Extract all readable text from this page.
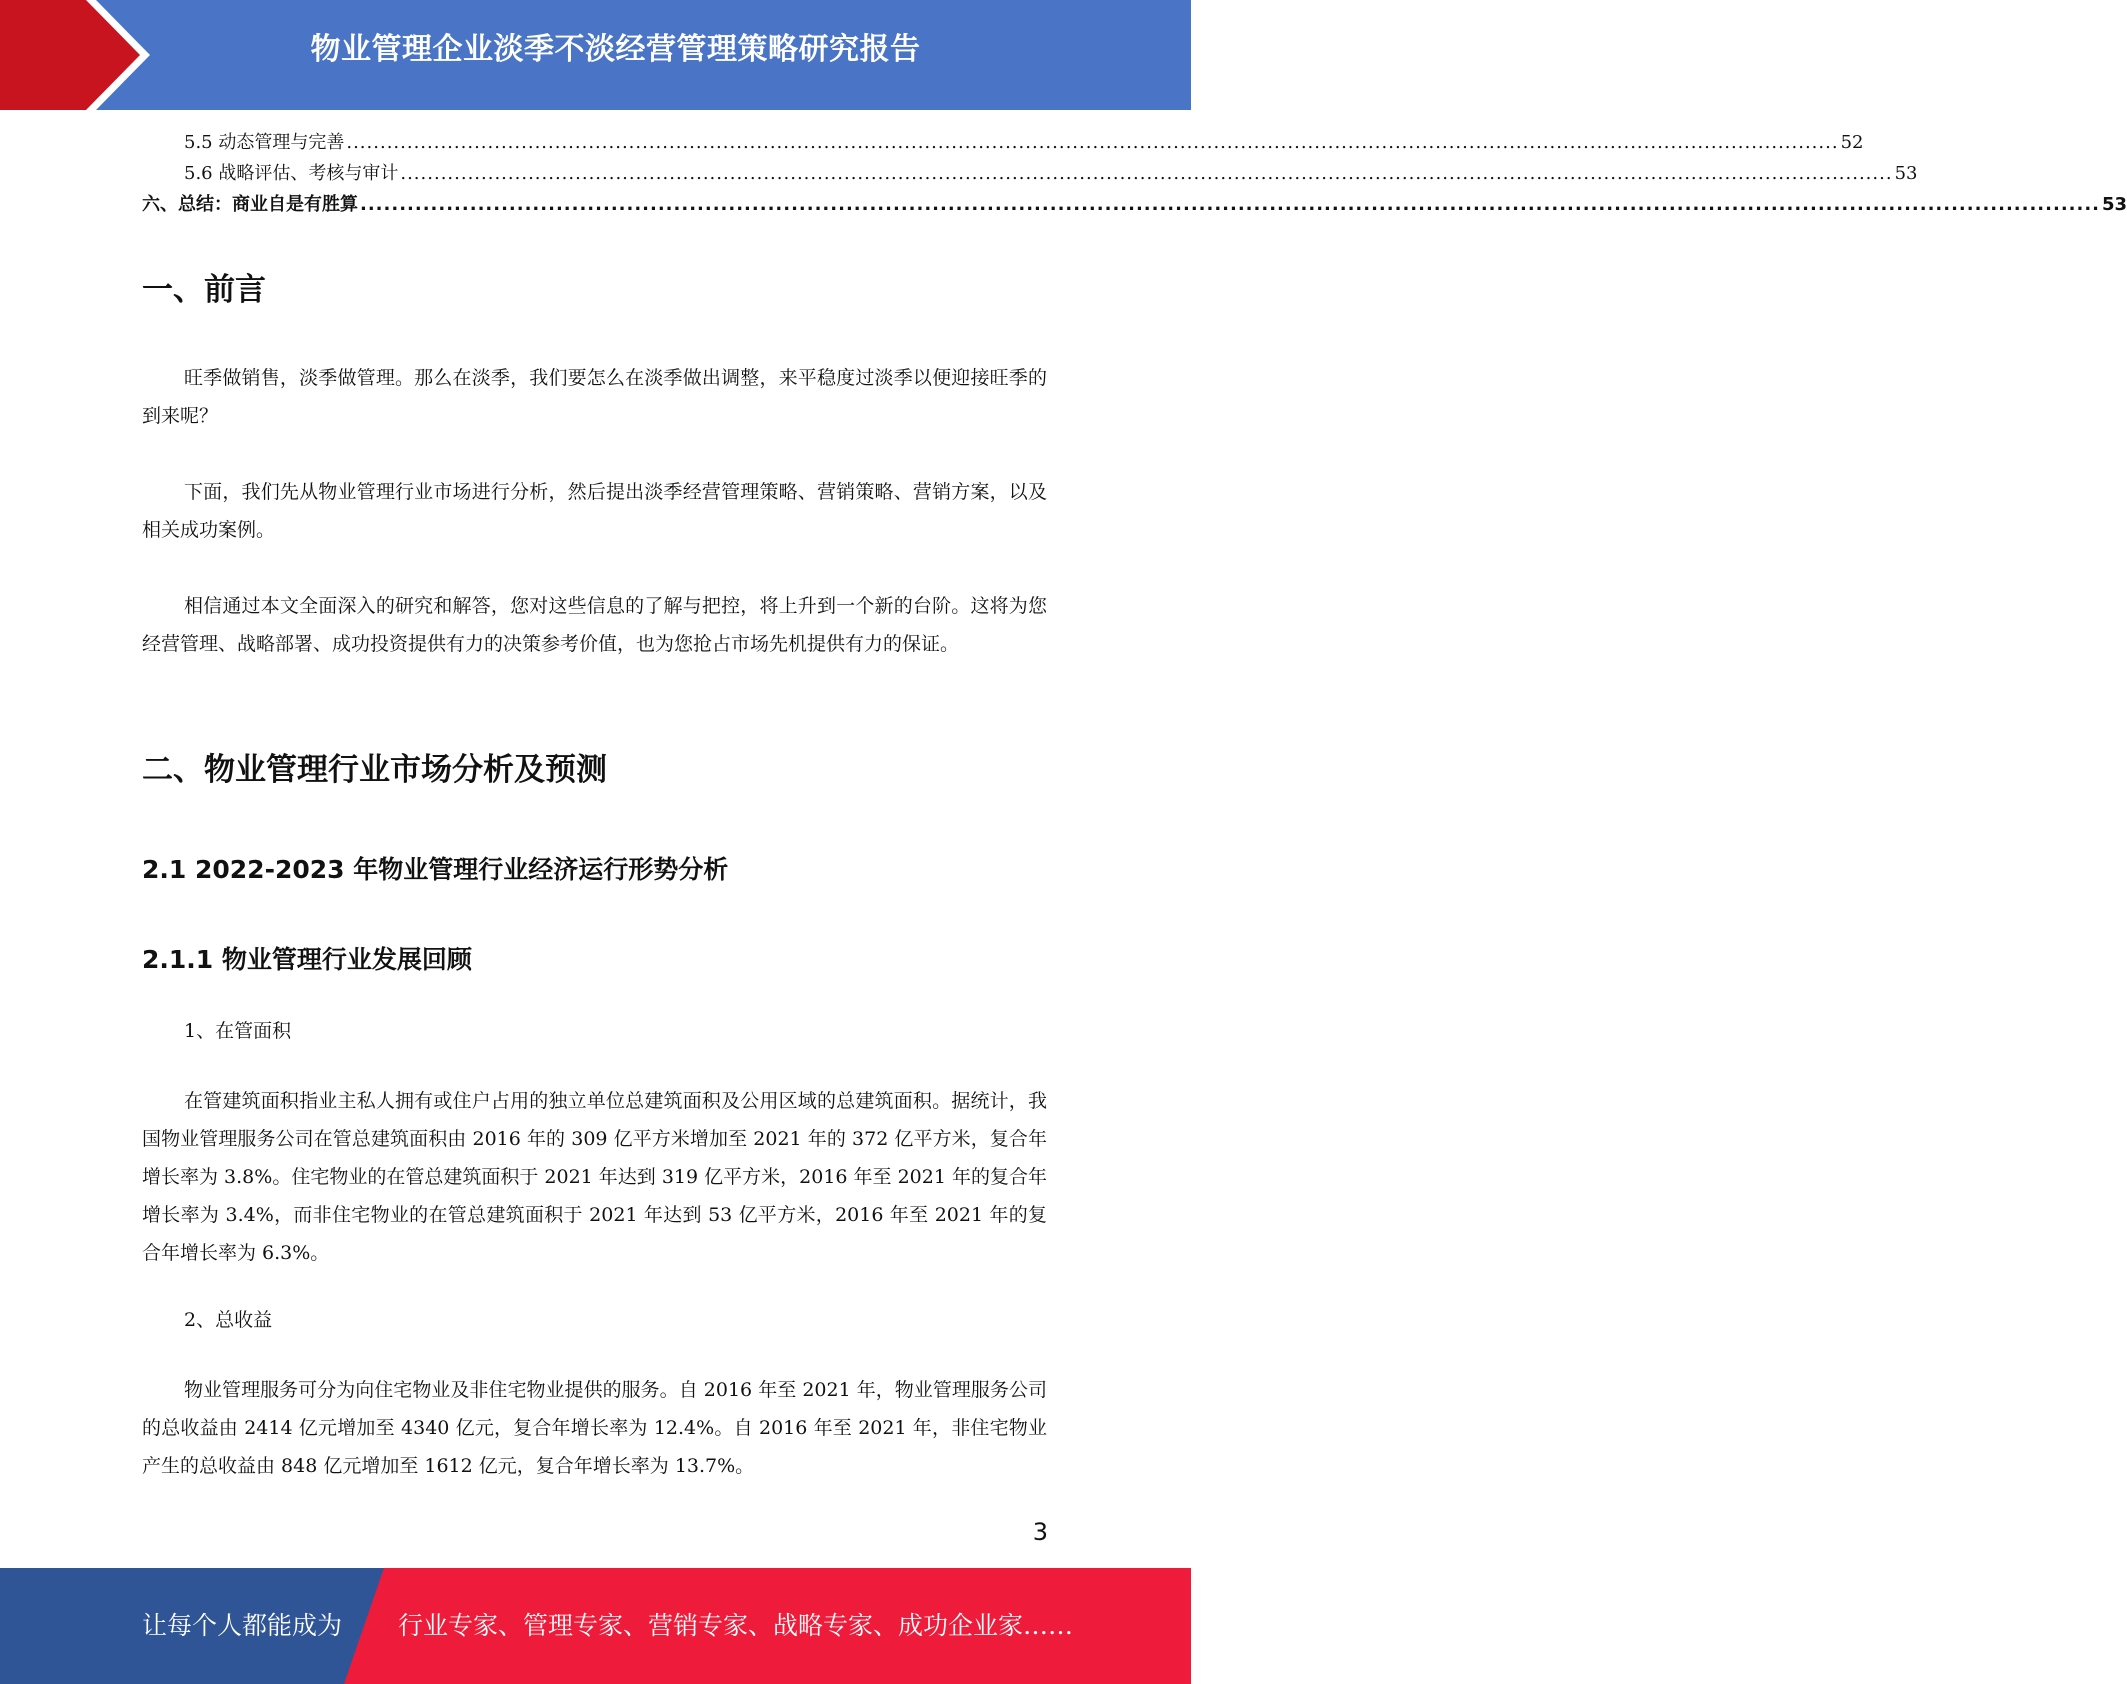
物业管理企业淡季不淡经营管理策略研究报告
5.5 动态管理与完善 .............................................................................................................................................................................................................................. 52
5.6 战略评估、考核与审计 .............................................................................................................................................................................................................................. 53
六、总结：商业自是有胜算 .............................................................................................................................................................................................................................. 53
一、前言

旺季做销售，淡季做管理。那么在淡季，我们要怎么在淡季做出调整，来平稳度过淡季以便迎接旺季的到来呢？

下面，我们先从物业管理行业市场进行分析，然后提出淡季经营管理策略、营销策略、营销方案，以及相关成功案例。

相信通过本文全面深入的研究和解答，您对这些信息的了解与把控，将上升到一个新的台阶。这将为您经营管理、战略部署、成功投资提供有力的决策参考价值，也为您抢占市场先机提供有力的保证。

二、物业管理行业市场分析及预测
2.1 2022-2023 年物业管理行业经济运行形势分析
2.1.1 物业管理行业发展回顾
1、在管面积

在管建筑面积指业主私人拥有或住户占用的独立单位总建筑面积及公用区域的总建筑面积。据统计，我国物业管理服务公司在管总建筑面积由 2016 年的 309 亿平方米增加至 2021 年的 372 亿平方米，复合年增长率为 3.8%。住宅物业的在管总建筑面积于 2021 年达到 319 亿平方米，2016 年至 2021 年的复合年增长率为 3.4%，而非住宅物业的在管总建筑面积于 2021 年达到 53 亿平方米，2016 年至 2021 年的复合年增长率为 6.3%。

2、总收益

物业管理服务可分为向住宅物业及非住宅物业提供的服务。自 2016 年至 2021 年，物业管理服务公司的总收益由 2414 亿元增加至 4340 亿元，复合年增长率为 12.4%。自 2016 年至 2021 年，非住宅物业产生的总收益由 848 亿元增加至 1612 亿元，复合年增长率为 13.7%。

3
让每个人都能成为 行业专家、管理专家、营销专家、战略专家、成功企业家……
